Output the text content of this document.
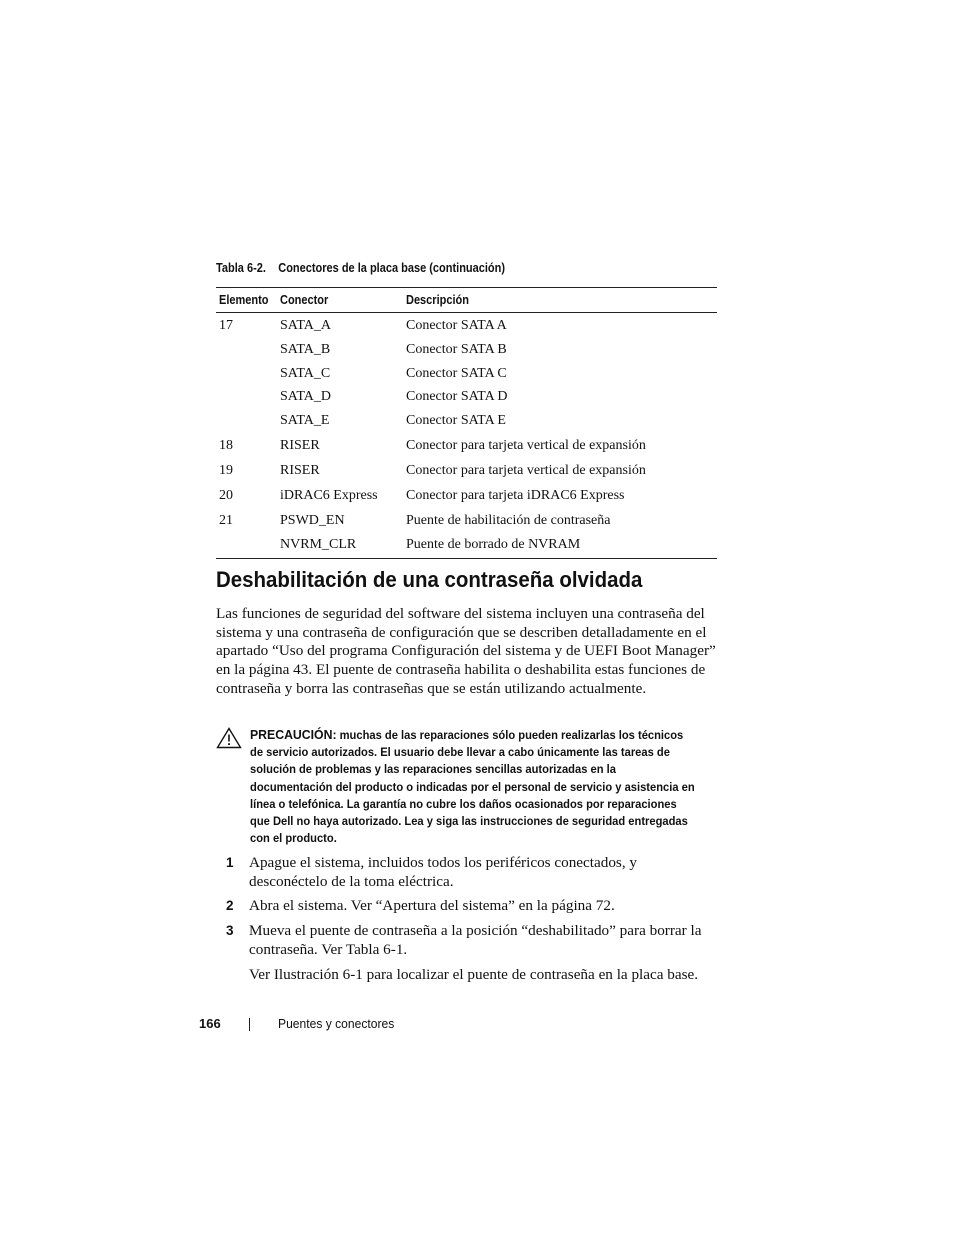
Tabla 6-2. Conectores de la placa base (continuación)
Elemento	Conector	Descripción
17	SATA_A	Conector SATA A
	SATA_B	Conector SATA B
	SATA_C	Conector SATA C
	SATA_D	Conector SATA D
	SATA_E	Conector SATA E
18	RISER	Conector para tarjeta vertical de expansión
19	RISER	Conector para tarjeta vertical de expansión
20	iDRAC6 Express	Conector para tarjeta iDRAC6 Express
21	PSWD_EN	Puente de habilitación de contraseña
	NVRM_CLR	Puente de borrado de NVRAM
Deshabilitación de una contraseña olvidada

Las funciones de seguridad del software del sistema incluyen una contraseña del sistema y una contraseña de configuración que se describen detalladamente en el apartado “Uso del programa Configuración del sistema y de UEFI Boot Manager” en la página 43. El puente de contraseña habilita o deshabilita estas funciones de contraseña y borra las contraseñas que se están utilizando actualmente.

PRECAUCIÓN: muchas de las reparaciones sólo pueden realizarlas los técnicos de servicio autorizados. El usuario debe llevar a cabo únicamente las tareas de solución de problemas y las reparaciones sencillas autorizadas en la documentación del producto o indicadas por el personal de servicio y asistencia en línea o telefónica. La garantía no cubre los daños ocasionados por reparaciones que Dell no haya autorizado. Lea y siga las instrucciones de seguridad entregadas con el producto.

1 Apague el sistema, incluidos todos los periféricos conectados, y desconéctelo de la toma eléctrica.

2 Abra el sistema. Ver “Apertura del sistema” en la página 72.

3 Mueva el puente de contraseña a la posición “deshabilitado” para borrar la contraseña. Ver Tabla 6-1.

Ver Ilustración 6-1 para localizar el puente de contraseña en la placa base.

166	Puentes y conectores
